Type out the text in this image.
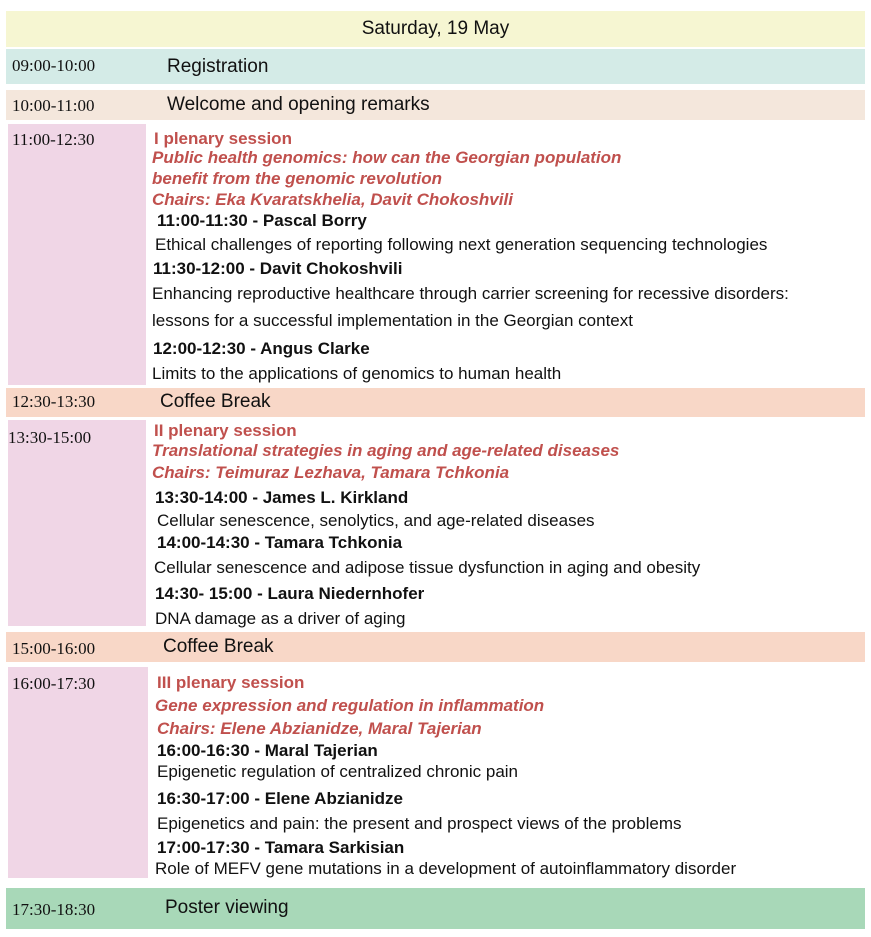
Saturday, 19 May
09:00-10:00	Registration
10:00-11:00	Welcome and opening remarks
11:00-12:30	I plenary session
Public health genomics: how can the Georgian population
benefit from the genomic revolution
Chairs: Eka Kvaratskhelia, Davit Chokoshvili
11:00-11:30 - Pascal Borry
Ethical challenges of reporting following next generation sequencing technologies
11:30-12:00 - Davit Chokoshvili
Enhancing reproductive healthcare through carrier screening for recessive disorders:
lessons for a successful implementation in the Georgian context
12:00-12:30 - Angus Clarke
Limits to the applications of genomics to human health
12:30-13:30	Coffee Break
13:30-15:00	II plenary session
Translational strategies in aging and age-related diseases
Chairs: Teimuraz Lezhava, Tamara Tchkonia
13:30-14:00 - James L. Kirkland
Cellular senescence, senolytics, and age-related diseases
14:00-14:30 - Tamara Tchkonia
Cellular senescence and adipose tissue dysfunction in aging and obesity
14:30- 15:00 - Laura Niedernhofer
DNA damage as a driver of aging
15:00-16:00	Coffee Break
16:00-17:30	III plenary session
Gene expression and regulation in inflammation
Chairs: Elene Abzianidze, Maral Tajerian
16:00-16:30 - Maral Tajerian
Epigenetic regulation of centralized chronic pain
16:30-17:00 - Elene Abzianidze
Epigenetics and pain: the present and prospect views of the problems
17:00-17:30 - Tamara Sarkisian
Role of MEFV gene mutations in a development of autoinflammatory disorder
17:30-18:30	Poster viewing
